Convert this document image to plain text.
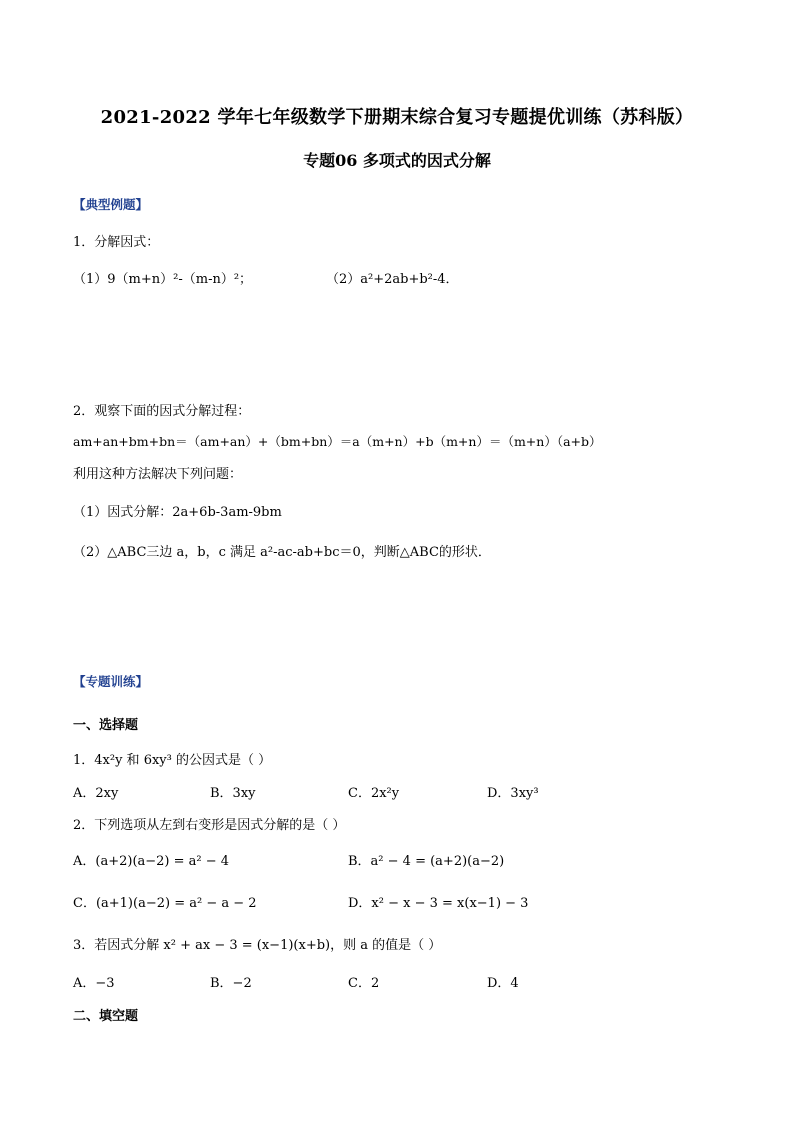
2021-2022 学年七年级数学下册期末综合复习专题提优训练（苏科版）
专题06 多项式的因式分解
【典型例题】
1．分解因式：
（1）9（m+n）²-（m-n）²；	（2）a²+2ab+b²-4．
2．观察下面的因式分解过程：
am+an+bm+bn＝（am+an）+（bm+bn）＝a（m+n）+b（m+n）＝（m+n）（a+b）
利用这种方法解决下列问题：
（1）因式分解：2a+6b-3am-9bm
（2）△ABC三边 a，b，c 满足 a²-ac-ab+bc＝0，判断△ABC的形状．
【专题训练】
一、选择题
1．4x²y 和 6xy³ 的公因式是（ ）
A．2xy	B．3xy	C．2x²y	D．3xy³
2．下列选项从左到右变形是因式分解的是（ ）
A．(a+2)(a−2) = a² − 4	B．a² − 4 = (a+2)(a−2)
C．(a+1)(a−2) = a² − a − 2	D．x² − x − 3 = x(x−1) − 3
3．若因式分解 x² + ax − 3 = (x−1)(x+b)，则 a 的值是（ ）
A．−3	B．−2	C．2	D．4
二、填空题
